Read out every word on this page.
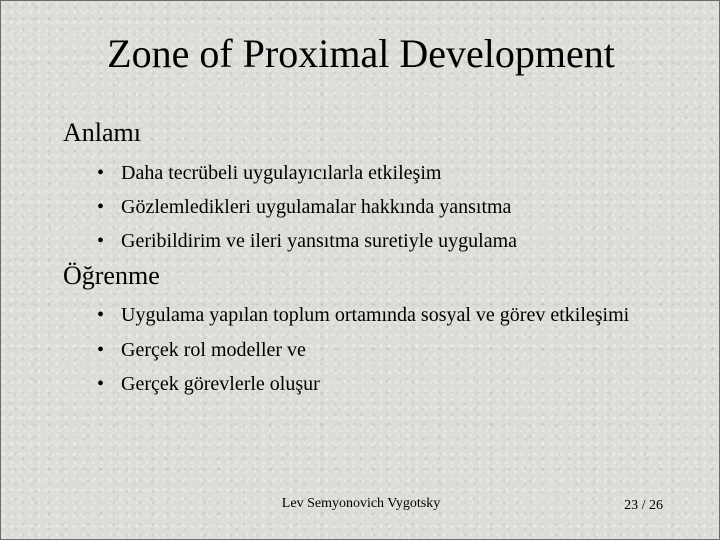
Zone of Proximal Development
Anlamı
• Daha tecrübeli uygulayıcılarla etkileşim
• Gözlemledikleri uygulamalar hakkında yansıtma
• Geribildirim ve ileri yansıtma suretiyle uygulama
Öğrenme
• Uygulama yapılan toplum ortamında sosyal ve görev etkileşimi
• Gerçek rol modeller ve
• Gerçek görevlerle oluşur
Lev Semyonovich Vygotsky	23 / 26
